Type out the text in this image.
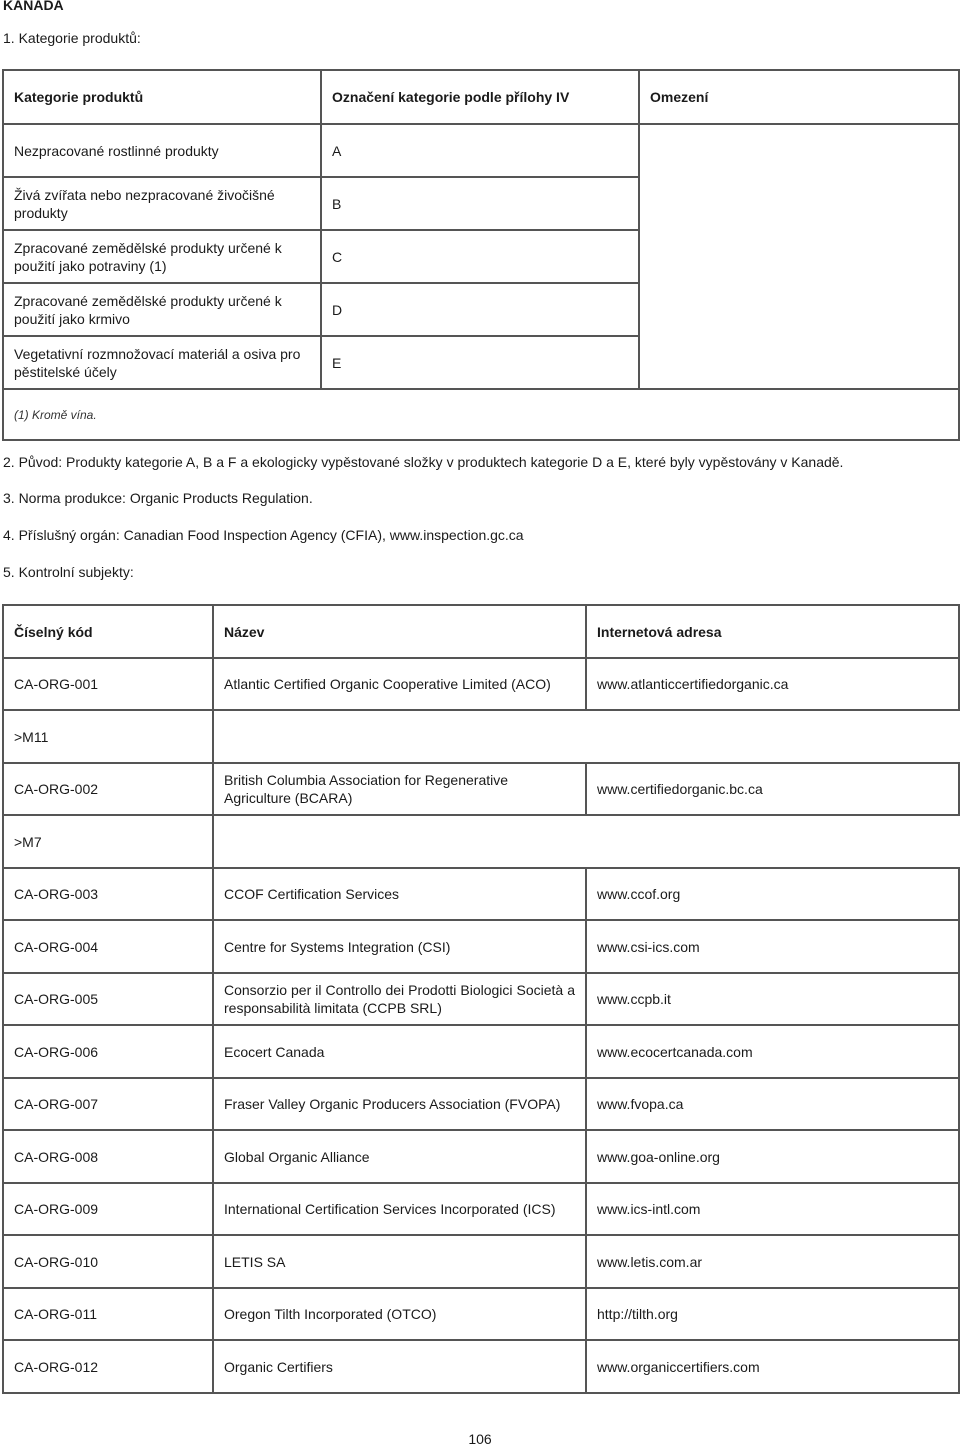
KANADA
1. Kategorie produktů:
Kategorie produktů	Označení kategorie podle přílohy IV	Omezení
Nezpracované rostlinné produkty	A	
Živá zvířata nebo nezpracované živočišné produkty	B	
Zpracované zemědělské produkty určené k použití jako potraviny (1)	C	
Zpracované zemědělské produkty určené k použití jako krmivo	D	
Vegetativní rozmnožovací materiál a osiva pro pěstitelské účely	E	
(1) Kromě vína.		
2. Původ: Produkty kategorie A, B a F a ekologicky vypěstované složky v produktech kategorie D a E, které byly vypěstovány v Kanadě.
3. Norma produkce: Organic Products Regulation.
4. Příslušný orgán: Canadian Food Inspection Agency (CFIA), www.inspection.gc.ca
5. Kontrolní subjekty:
Číselný kód	Název	Internetová adresa
CA-ORG-001	Atlantic Certified Organic Cooperative Limited (ACO)	www.atlanticcertifiedorganic.ca
>M11		
CA-ORG-002	British Columbia Association for Regenerative Agriculture (BCARA)	www.certifiedorganic.bc.ca
>M7		
CA-ORG-003	CCOF Certification Services	www.ccof.org
CA-ORG-004	Centre for Systems Integration (CSI)	www.csi-ics.com
CA-ORG-005	Consorzio per il Controllo dei Prodotti Biologici Società a responsabilità limitata (CCPB SRL)	www.ccpb.it
CA-ORG-006	Ecocert Canada	www.ecocertcanada.com
CA-ORG-007	Fraser Valley Organic Producers Association (FVOPA)	www.fvopa.ca
CA-ORG-008	Global Organic Alliance	www.goa-online.org
CA-ORG-009	International Certification Services Incorporated (ICS)	www.ics-intl.com
CA-ORG-010	LETIS SA	www.letis.com.ar
CA-ORG-011	Oregon Tilth Incorporated (OTCO)	http://tilth.org
CA-ORG-012	Organic Certifiers	www.organiccertifiers.com
106
